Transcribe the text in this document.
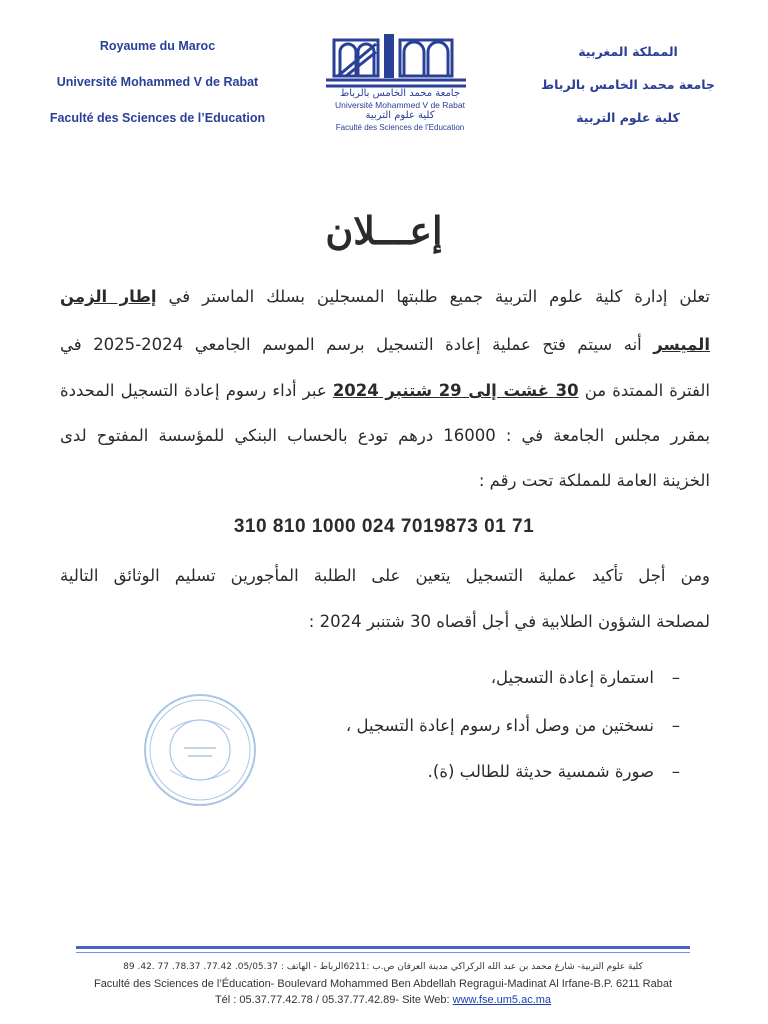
Royaume du Maroc
Université Mohammed V de Rabat
Faculté des Sciences de l’Education
جامعة محمد الخامس بالرباط
Université Mohammed V de Rabat
كلية علوم التربية
Faculté des Sciences de l’Education
المملكة المغربية
جامعة محمد الخامس بالرباط
كلية علوم التربية
إعـــلان
تعلن إدارة كلية علوم التربية جميع طلبتها المسجلين بسلك الماستر في إطار الزمن
الميسر أنه سيتم فتح عملية إعادة التسجيل برسم الموسم الجامعي 2024-2025 في
الفترة الممتدة من 30 غشت إلى 29 شتنبر 2024 عبر أداء رسوم إعادة التسجيل المحددة
بمقرر مجلس الجامعة في : 16000 درهم تودع بالحساب البنكي للمؤسسة المفتوح لدى
الخزينة العامة للمملكة تحت رقم :
310 810 1000 024 7019873 01 71
ومن أجل تأكيد عملية التسجيل يتعين على الطلبة المأجورين تسليم الوثائق التالية
لمصلحة الشؤون الطلابية في أجل أقصاه 30 شتنبر 2024 :
–استمارة إعادة التسجيل،
–نسختين من وصل أداء رسوم إعادة التسجيل ،
–صورة شمسية حديثة للطالب (ة).
كلية علوم التربية- شارع محمد بن عبد الله الركراكي مدينة العرفان ص.ب :6211الرباط - الهاتف : 05/05.37. 77.42. 78.37. 77 .42. 89
Faculté des Sciences de l’Éducation- Boulevard Mohammed Ben Abdellah Regragui-Madinat Al Irfane-B.P. 6211 Rabat
Tél : 05.37.77.42.78 / 05.37.77.42.89- Site Web: www.fse.um5.ac.ma
